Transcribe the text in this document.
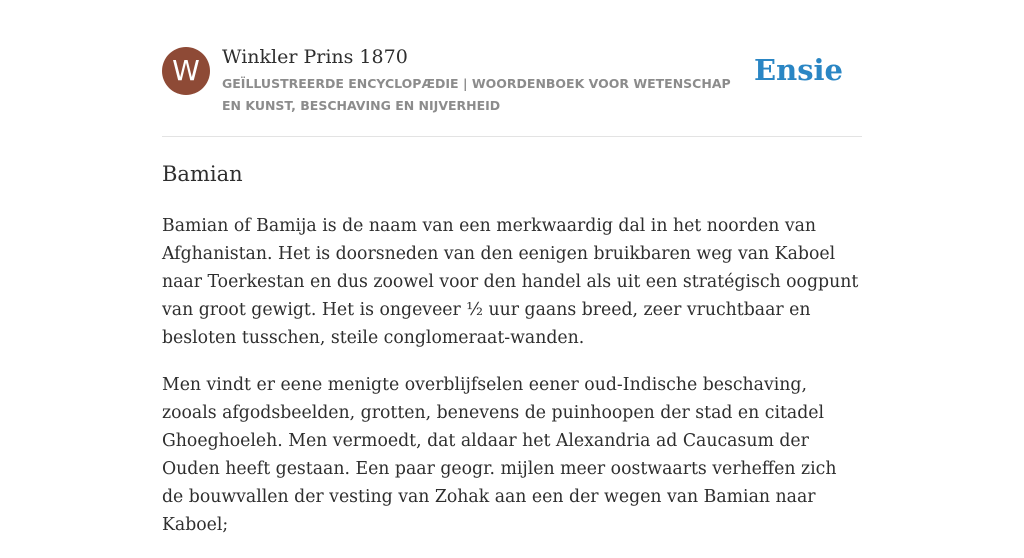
W	Winkler Prins 1870
GEÏLLUSTREERDE ENCYCLOPÆDIE | WOORDENBOEK VOOR WETENSCHAP EN KUNST, BESCHAVING EN NIJVERHEID
Ensie
Bamian

Bamian of Bamija is de naam van een merkwaardig dal in het noorden van Afghanistan. Het is doorsneden van den eenigen bruikbaren weg van Kaboel naar Toerkestan en dus zoowel voor den handel als uit een stratégisch oogpunt van groot gewigt. Het is ongeveer ½ uur gaans breed, zeer vruchtbaar en besloten tusschen, steile conglomeraat-wanden.

Men vindt er eene menigte overblijfselen eener oud-Indische beschaving, zooals afgodsbeelden, grotten, benevens de puinhoopen der stad en citadel Ghoeghoeleh. Men vermoedt, dat aldaar het Alexandria ad Caucasum der Ouden heeft gestaan. Een paar geogr. mijlen meer oostwaarts verheffen zich de bouwvallen der vesting van Zohak aan een der wegen van Bamian naar Kaboel;
